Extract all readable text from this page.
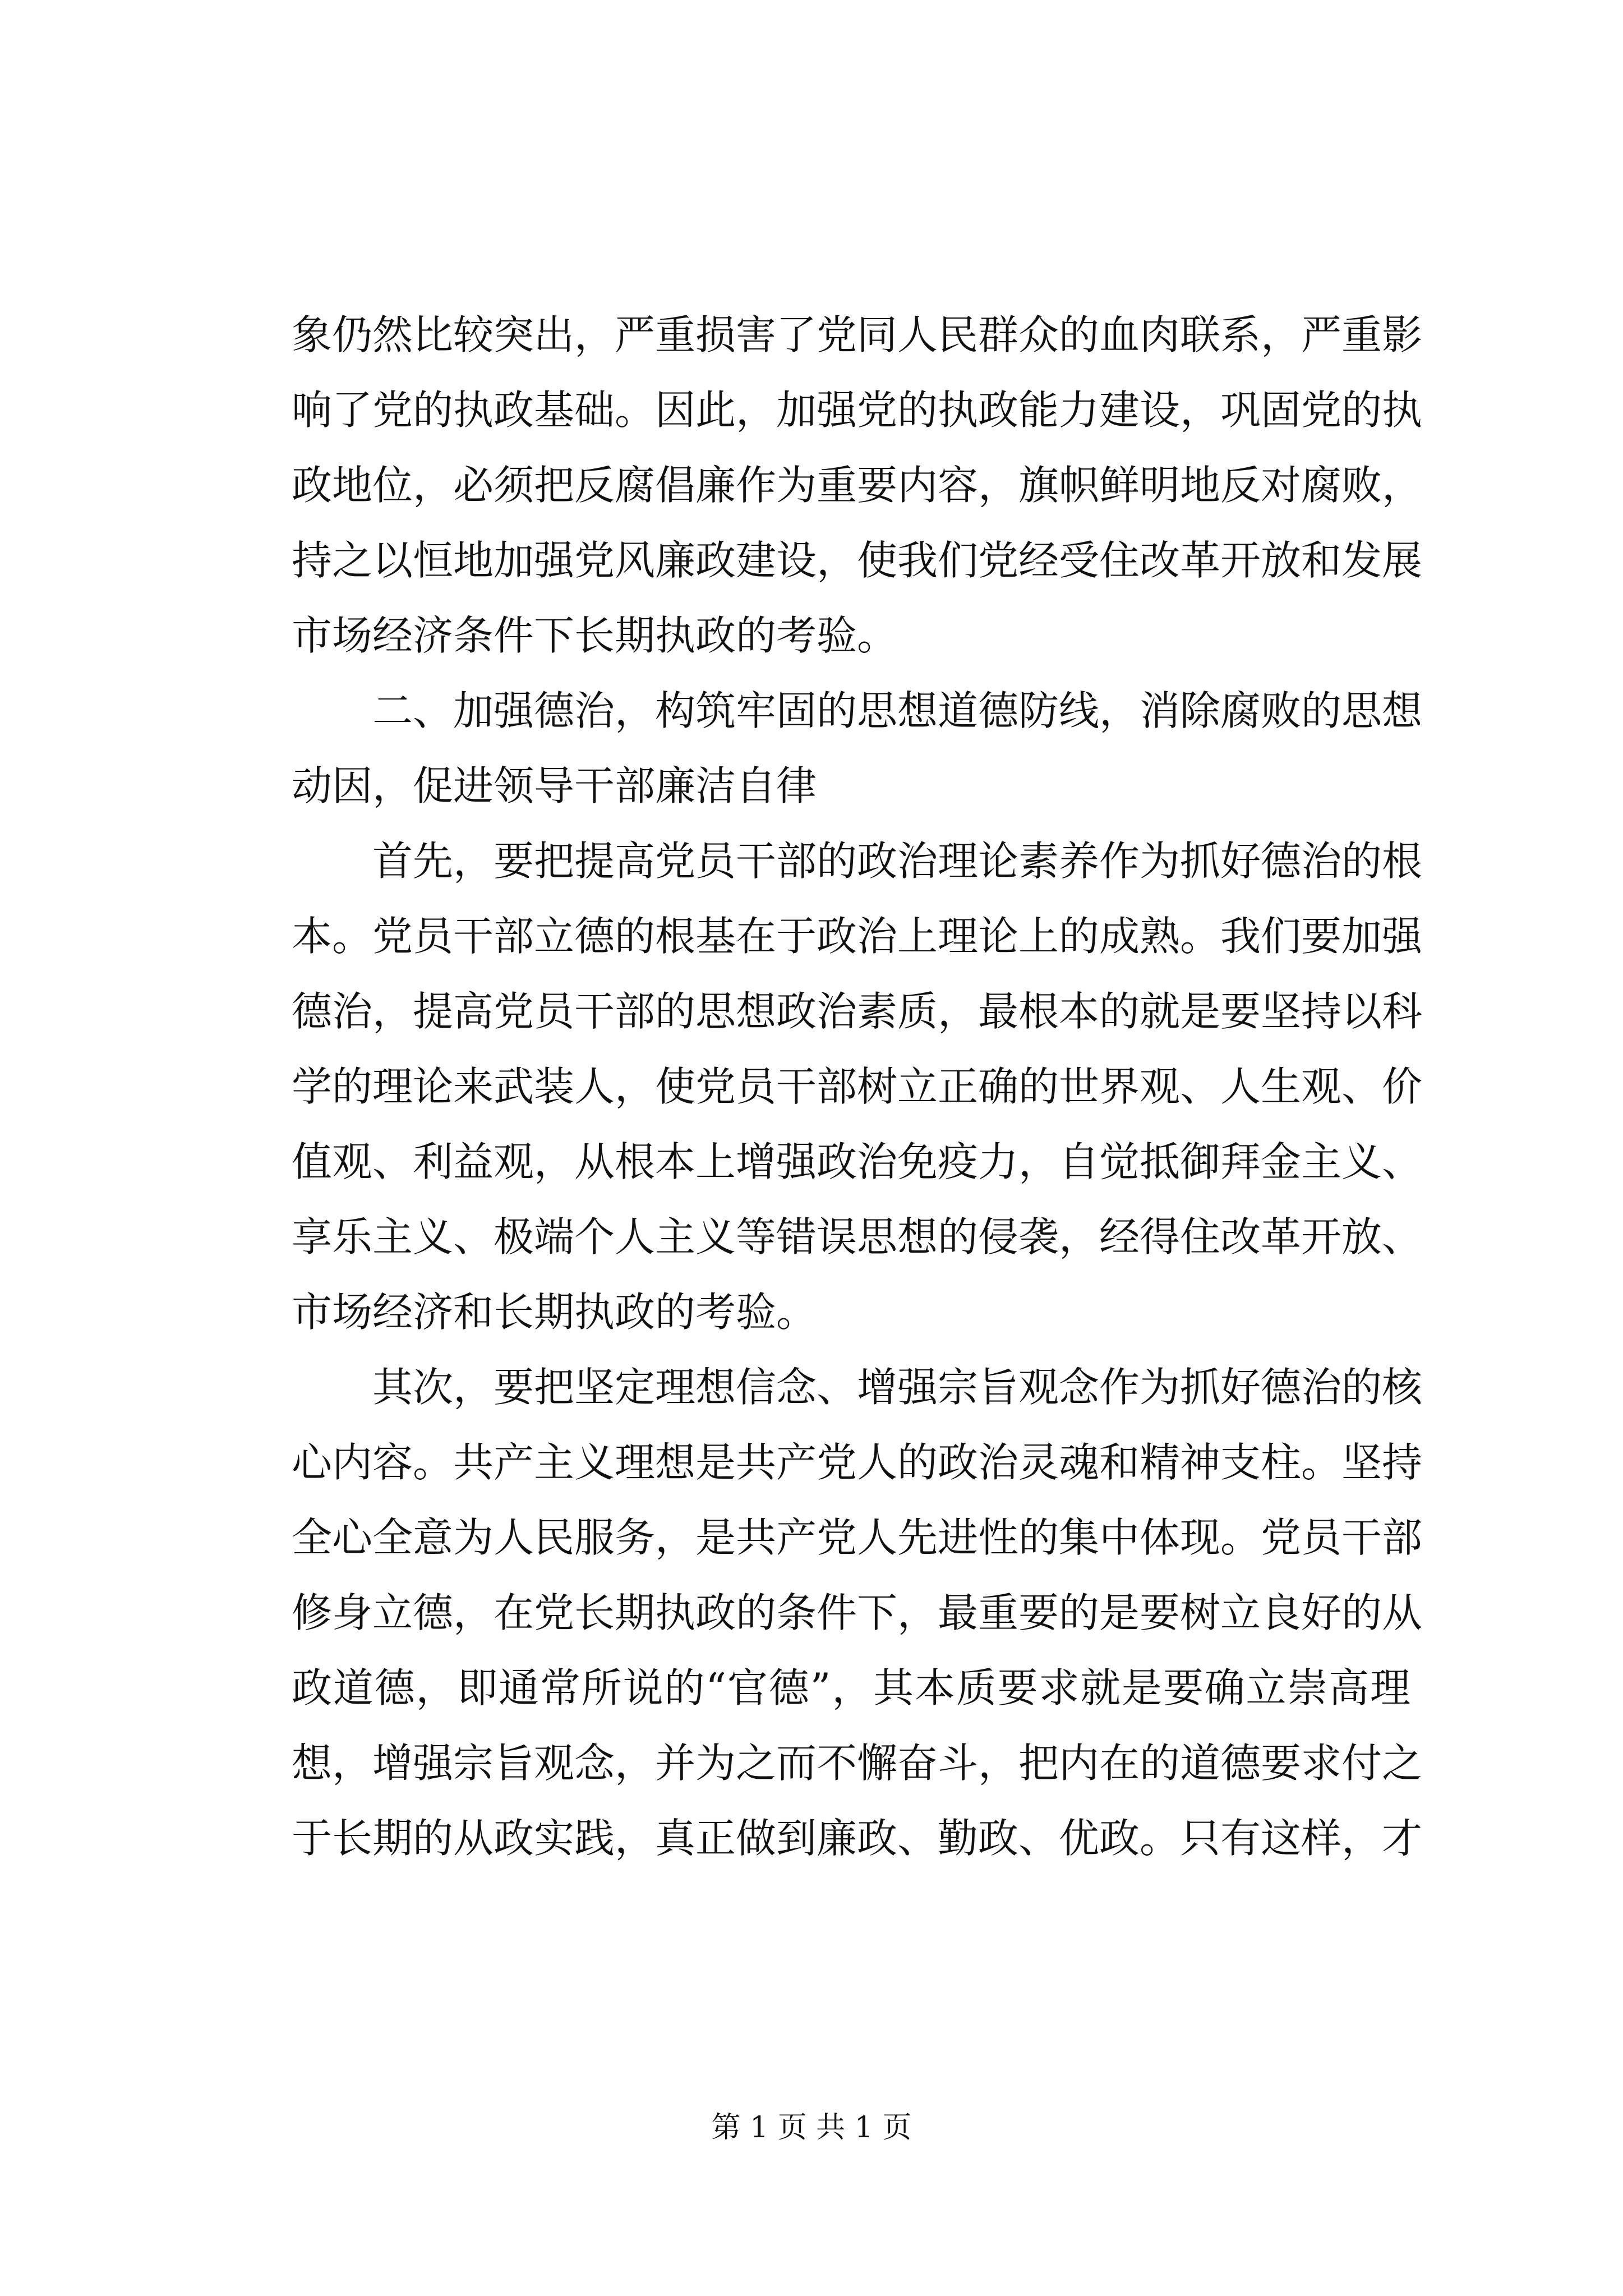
象仍然比较突出，严重损害了党同人民群众的血肉联系，严重影
响了党的执政基础。因此，加强党的执政能力建设，巩固党的执
政地位，必须把反腐倡廉作为重要内容，旗帜鲜明地反对腐败，
持之以恒地加强党风廉政建设，使我们党经受住改革开放和发展
市场经济条件下长期执政的考验。
二、加强德治，构筑牢固的思想道德防线，消除腐败的思想
动因，促进领导干部廉洁自律
首先，要把提高党员干部的政治理论素养作为抓好德治的根
本。党员干部立德的根基在于政治上理论上的成熟。我们要加强
德治，提高党员干部的思想政治素质，最根本的就是要坚持以科
学的理论来武装人，使党员干部树立正确的世界观、人生观、价
值观、利益观，从根本上增强政治免疫力，自觉抵御拜金主义、
享乐主义、极端个人主义等错误思想的侵袭，经得住改革开放、
市场经济和长期执政的考验。
其次，要把坚定理想信念、增强宗旨观念作为抓好德治的核
心内容。共产主义理想是共产党人的政治灵魂和精神支柱。坚持
全心全意为人民服务，是共产党人先进性的集中体现。党员干部
修身立德，在党长期执政的条件下，最重要的是要树立良好的从
政道德，即通常所说的“官德”，其本质要求就是要确立崇高理
想，增强宗旨观念，并为之而不懈奋斗，把内在的道德要求付之
于长期的从政实践，真正做到廉政、勤政、优政。只有这样，才
第 1 页 共 1 页
